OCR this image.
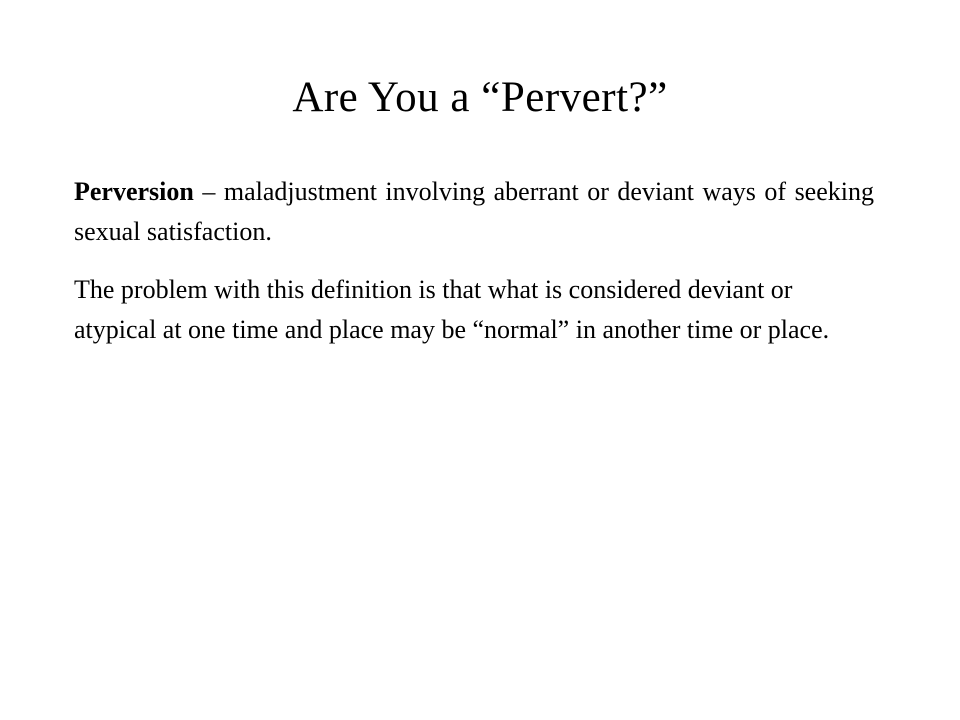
Are You a “Pervert?”

Perversion – maladjustment involving aberrant or deviant ways of seeking sexual satisfaction.

The problem with this definition is that what is considered deviant or atypical at one time and place may be “normal” in another time or place.
